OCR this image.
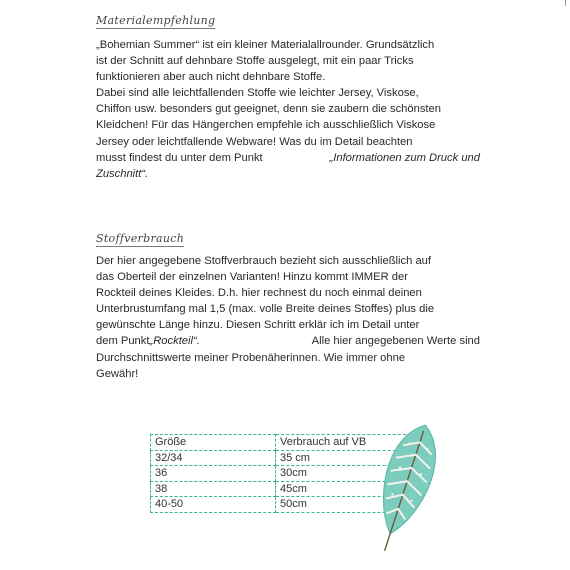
Materialempfehlung

„Bohemian Summer“ ist ein kleiner Materialallrounder. Grundsätzlich
ist der Schnitt auf dehnbare Stoffe ausgelegt, mit ein paar Tricks
funktionieren aber auch nicht dehnbare Stoffe.
Dabei sind alle leichtfallenden Stoffe wie leichter Jersey, Viskose,
Chiffon usw. besonders gut geeignet, denn sie zaubern die schönsten
Kleidchen! Für das Hängerchen empfehle ich ausschließlich Viskose
Jersey oder leichtfallende Webware! Was du im Detail beachten
musst findest du unter dem Punkt	„Informationen zum Druck und
Zuschnitt“.

Stoffverbrauch

Der hier angegebene Stoffverbrauch bezieht sich ausschließlich auf
das Oberteil der einzelnen Varianten! Hinzu kommt IMMER der
Rockteil deines Kleides. D.h. hier rechnest du noch einmal deinen
Unterbrustumfang mal 1,5 (max. volle Breite deines Stoffes) plus die
gewünschte Länge hinzu. Diesen Schritt erklär ich im Detail unter
dem Punkt „Rockteil“.	Alle hier angegebenen Werte sind
Durchschnittswerte meiner Probenäherinnen. Wie immer ohne
Gewähr!

Größe	Verbrauch auf VB
32/34	35 cm
36	30cm
38	45cm
40-50	50cm
